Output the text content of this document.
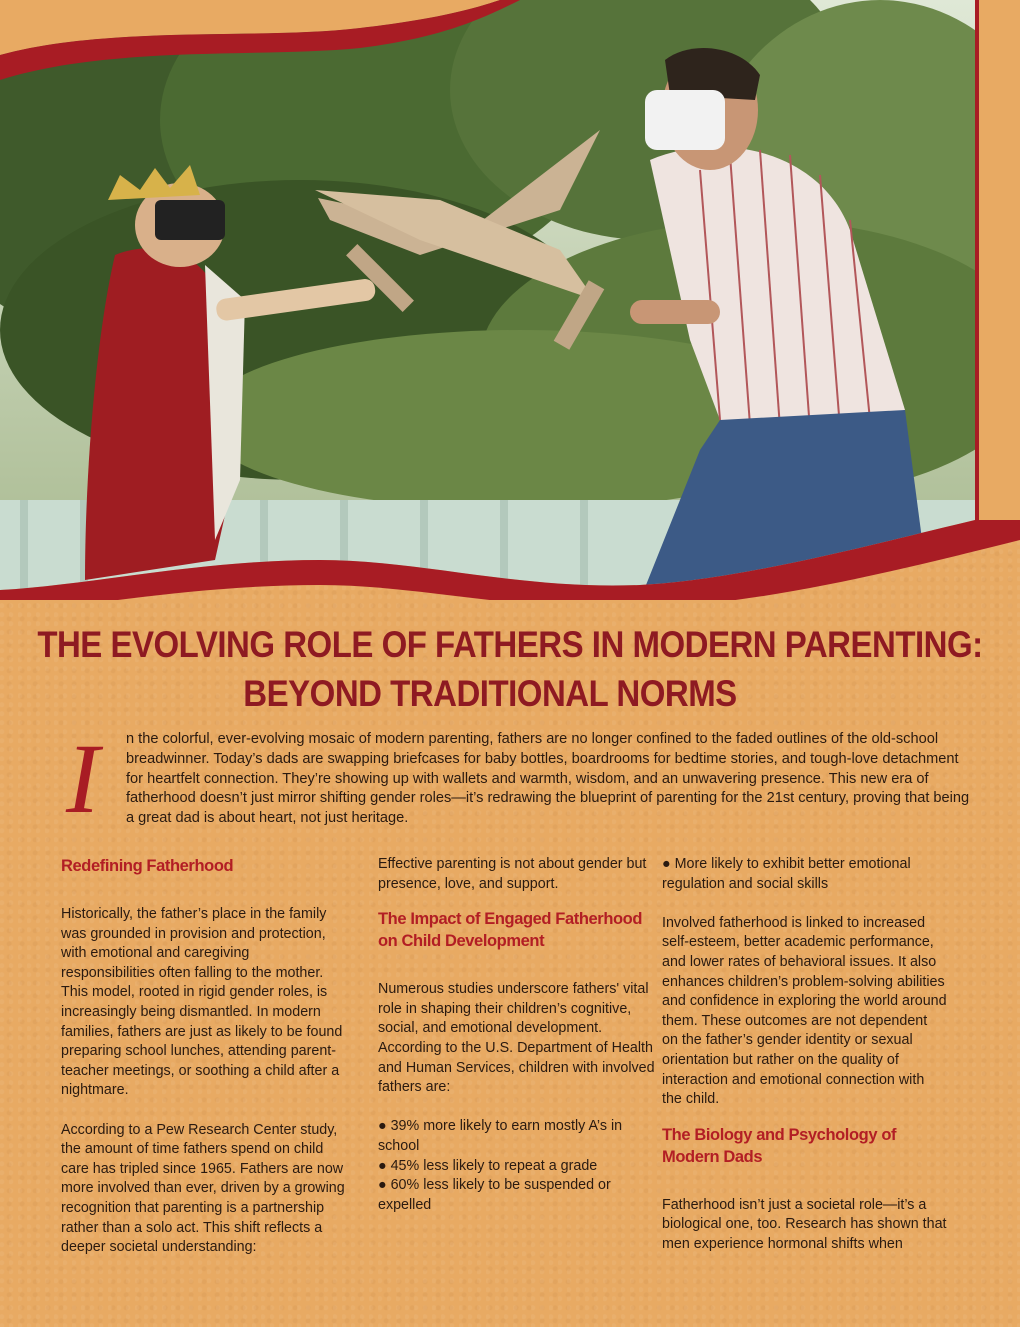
THE EVOLVING ROLE OF FATHERS IN MODERN PARENTING:
BEYOND TRADITIONAL NORMS
I	n the colorful, ever-evolving mosaic of modern parenting, fathers are no longer confined to the faded outlines of the old-school breadwinner. Today’s dads are swapping briefcases for baby bottles, boardrooms for bedtime stories, and tough-love detachment for heartfelt connection. They’re showing up with wallets and warmth, wisdom, and an unwavering presence. This new era of fatherhood doesn’t just mirror shifting gender roles—it’s redrawing the blueprint of parenting for the 21st century, proving that being a great dad is about heart, not just heritage.
Redefining Fatherhood

Historically, the father’s place in the family was grounded in provision and protection, with emotional and caregiving responsibilities often falling to the mother. This model, rooted in rigid gender roles, is increasingly being dismantled. In modern families, fathers are just as likely to be found preparing school lunches, attending parent-teacher meetings, or soothing a child after a nightmare.

According to a Pew Research Center study, the amount of time fathers spend on child care has tripled since 1965. Fathers are now more involved than ever, driven by a growing recognition that parenting is a partnership rather than a solo act. This shift reflects a deeper societal understanding:

Effective parenting is not about gender but presence, love, and support.

The Impact of Engaged Fatherhood on Child Development

Numerous studies underscore fathers' vital role in shaping their children’s cognitive, social, and emotional development. According to the U.S. Department of Health and Human Services, children with involved fathers are:

● 39% more likely to earn mostly A’s in school
● 45% less likely to repeat a grade
● 60% less likely to be suspended or expelled

● More likely to exhibit better emotional regulation and social skills

Involved fatherhood is linked to increased self-esteem, better academic performance, and lower rates of behavioral issues. It also enhances children’s problem-solving abilities and confidence in exploring the world around them. These outcomes are not dependent on the father’s gender identity or sexual orientation but rather on the quality of interaction and emotional connection with the child.

The Biology and Psychology of Modern Dads

Fatherhood isn’t just a societal role—it’s a biological one, too. Research has shown that men experience hormonal shifts when
